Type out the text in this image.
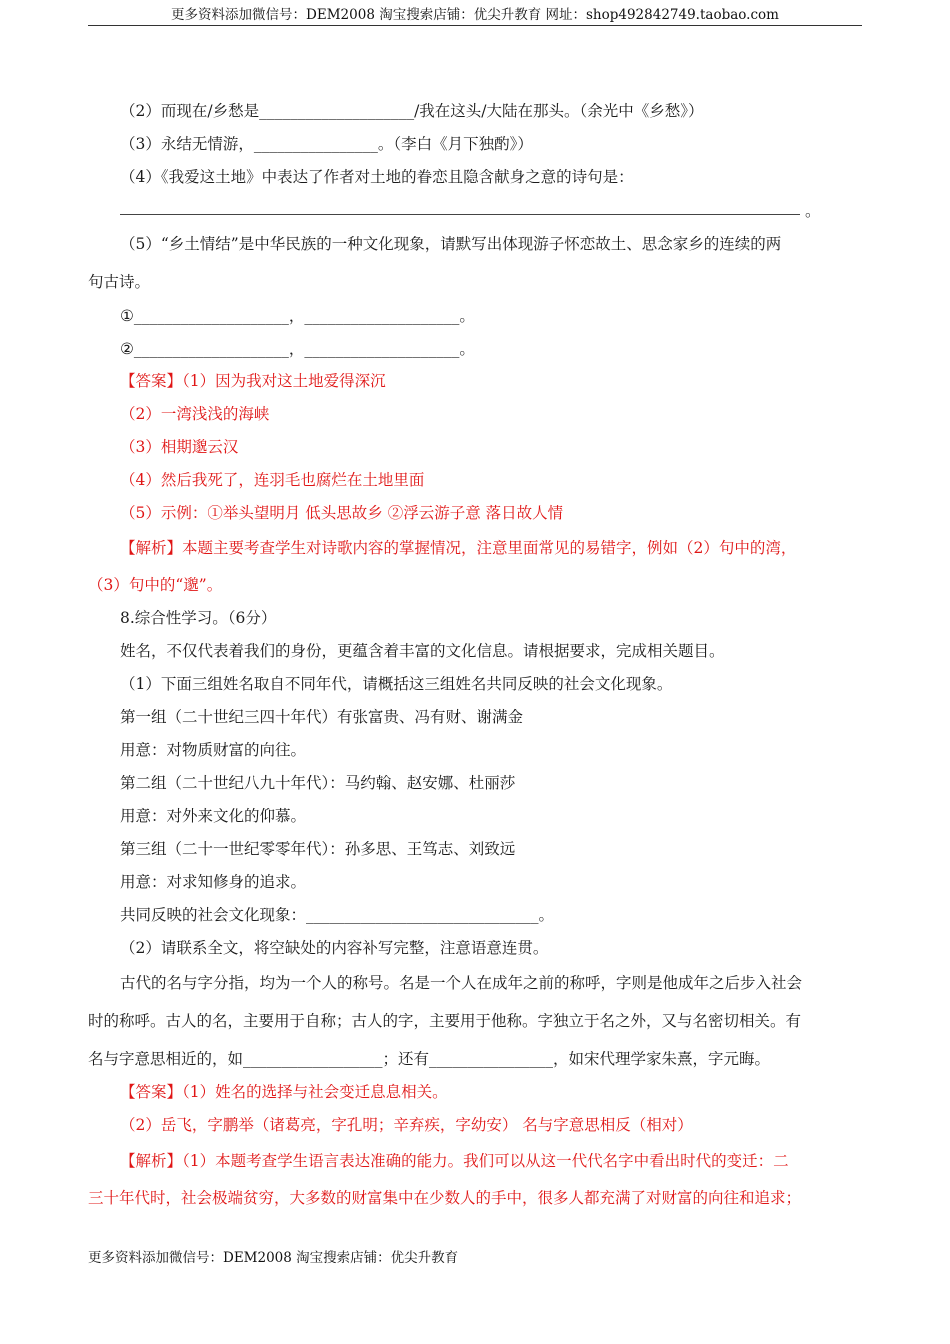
更多资料添加微信号：DEM2008 淘宝搜索店铺：优尖升教育 网址：shop492842749.taobao.com
（2）而现在/乡愁是____________________/我在这头/大陆在那头。（余光中《乡愁》）
（3）永结无情游，________________。（李白《月下独酌》）
（4）《我爱这土地》中表达了作者对土地的眷恋且隐含献身之意的诗句是：
。
（5）“乡土情结”是中华民族的一种文化现象，请默写出体现游子怀恋故土、思念家乡的连续的两
句古诗。
①____________________，____________________。
②____________________，____________________。
【答案】（1）因为我对这土地爱得深沉
（2）一湾浅浅的海峡
（3）相期邈云汉
（4）然后我死了，连羽毛也腐烂在土地里面
（5）示例：①举头望明月 低头思故乡 ②浮云游子意 落日故人情
【解析】本题主要考查学生对诗歌内容的掌握情况，注意里面常见的易错字，例如（2）句中的湾，
（3）句中的“邈”。
8.综合性学习。（6分）
姓名，不仅代表着我们的身份，更蕴含着丰富的文化信息。请根据要求，完成相关题目。
（1）下面三组姓名取自不同年代，请概括这三组姓名共同反映的社会文化现象。
第一组（二十世纪三四十年代）有张富贵、冯有财、谢满金
用意：对物质财富的向往。
第二组（二十世纪八九十年代）：马约翰、赵安娜、杜丽莎
用意：对外来文化的仰慕。
第三组（二十一世纪零零年代）：孙多思、王笃志、刘致远
用意：对求知修身的追求。
共同反映的社会文化现象：______________________________。
（2）请联系全文，将空缺处的内容补写完整，注意语意连贯。
古代的名与字分指，均为一个人的称号。名是一个人在成年之前的称呼，字则是他成年之后步入社会
时的称呼。古人的名，主要用于自称；古人的字，主要用于他称。字独立于名之外，又与名密切相关。有
名与字意思相近的，如__________________；还有________________，如宋代理学家朱熹，字元晦。
【答案】（1）姓名的选择与社会变迁息息相关。
（2）岳飞，字鹏举（诸葛亮，字孔明；辛弃疾，字幼安） 名与字意思相反（相对）
【解析】（1）本题考查学生语言表达准确的能力。我们可以从这一代代名字中看出时代的变迁：二
三十年代时，社会极端贫穷，大多数的财富集中在少数人的手中，很多人都充满了对财富的向往和追求；
更多资料添加微信号：DEM2008 淘宝搜索店铺：优尖升教育
